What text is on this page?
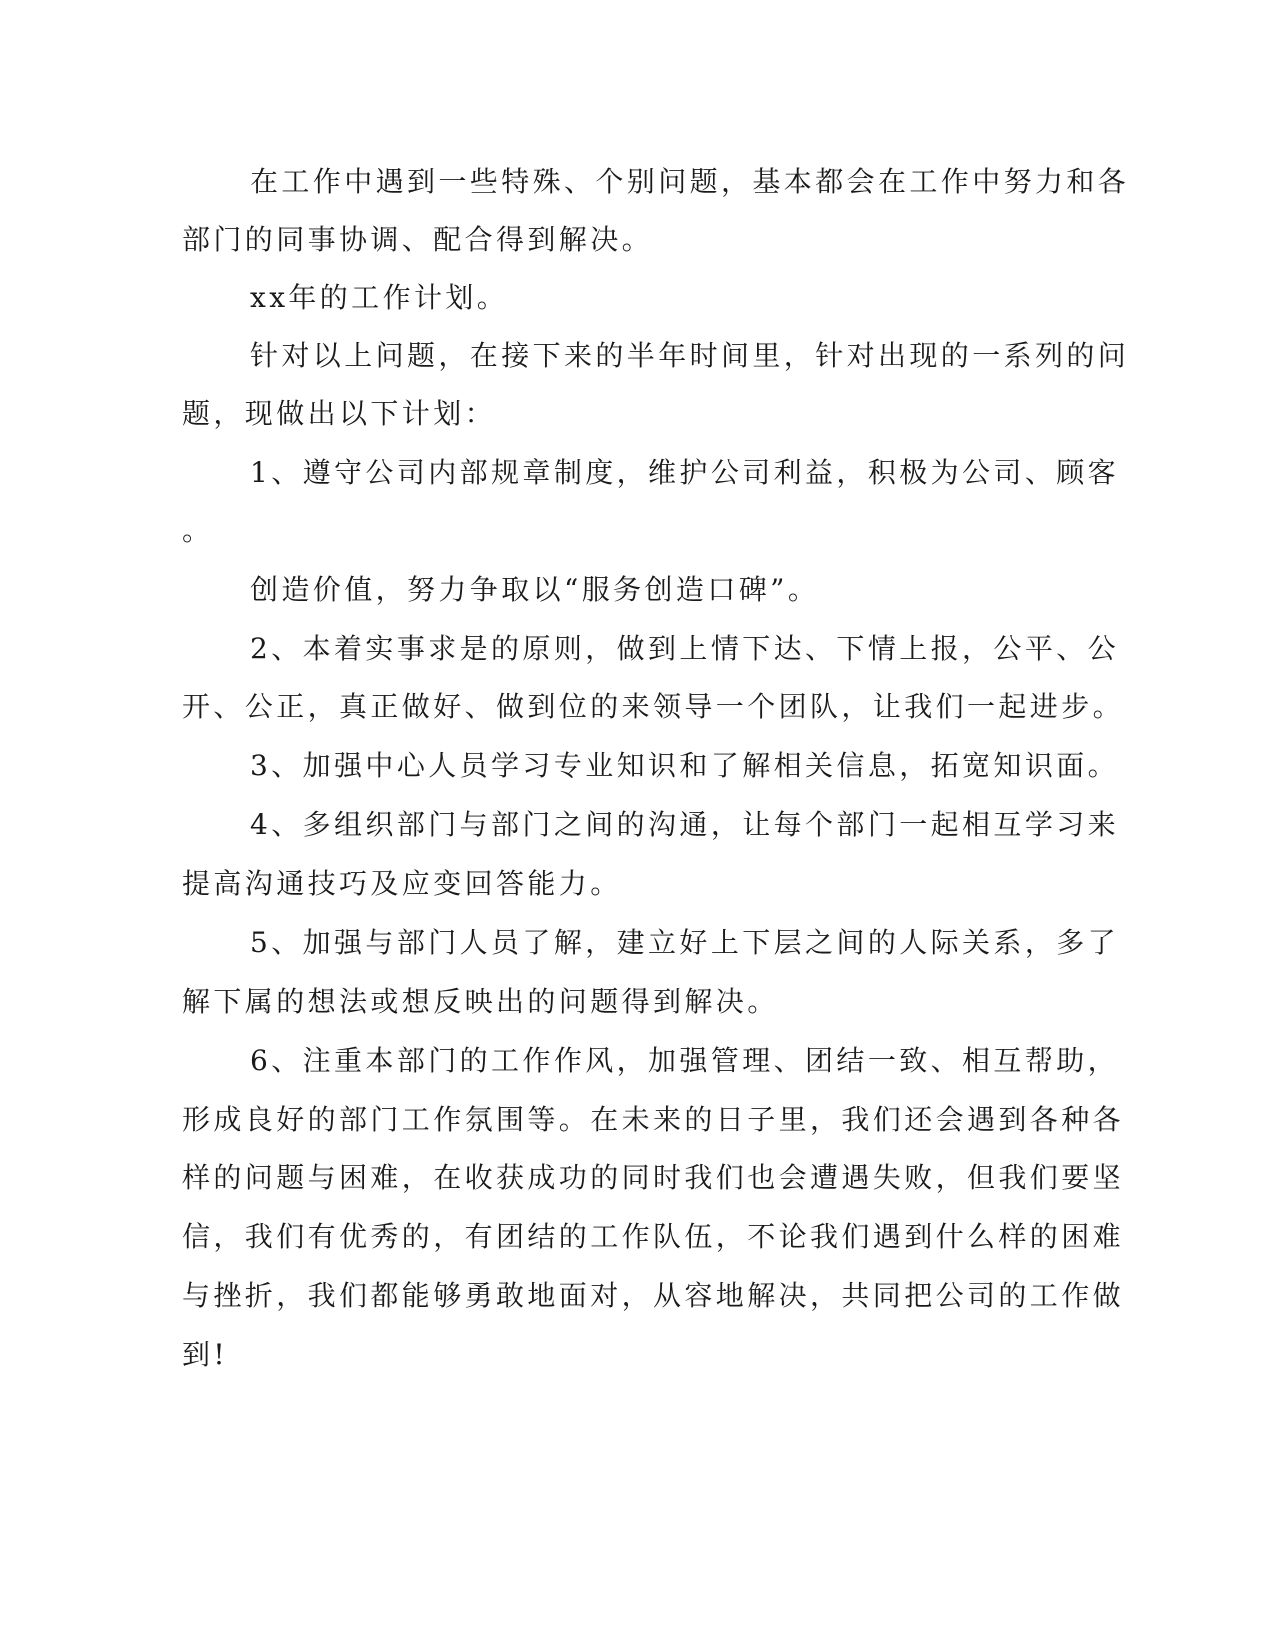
在工作中遇到一些特殊、个别问题，基本都会在工作中努力和各
部门的同事协调、配合得到解决。
xx年的工作计划。
针对以上问题，在接下来的半年时间里，针对出现的一系列的问
题，现做出以下计划：
1、遵守公司内部规章制度，维护公司利益，积极为公司、顾客
。
创造价值，努力争取以“服务创造口碑”。
2、本着实事求是的原则，做到上情下达、下情上报，公平、公
开、公正，真正做好、做到位的来领导一个团队，让我们一起进步。
3、加强中心人员学习专业知识和了解相关信息，拓宽知识面。
4、多组织部门与部门之间的沟通，让每个部门一起相互学习来
提高沟通技巧及应变回答能力。
5、加强与部门人员了解，建立好上下层之间的人际关系，多了
解下属的想法或想反映出的问题得到解决。
6、注重本部门的工作作风，加强管理、团结一致、相互帮助，
形成良好的部门工作氛围等。在未来的日子里，我们还会遇到各种各
样的问题与困难，在收获成功的同时我们也会遭遇失败，但我们要坚
信，我们有优秀的，有团结的工作队伍，不论我们遇到什么样的困难
与挫折，我们都能够勇敢地面对，从容地解决，共同把公司的工作做
到!
